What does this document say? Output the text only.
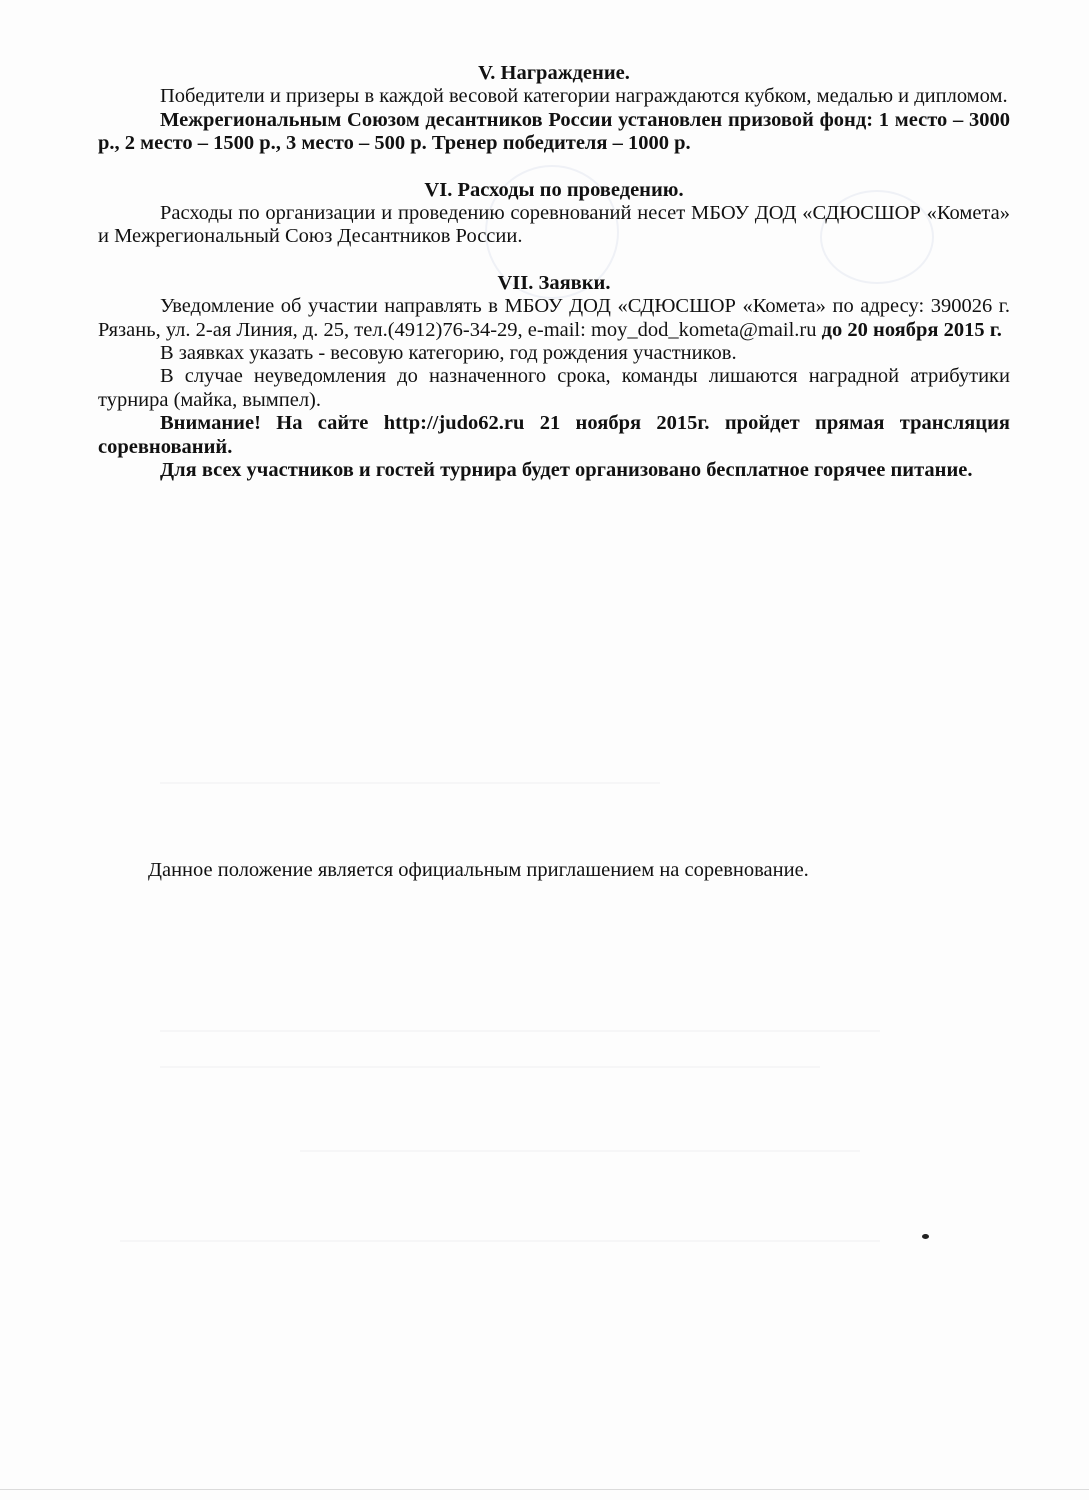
V. Награждение.

Победители и призеры в каждой весовой категории награждаются кубком, медалью и дипломом.

Межрегиональным Союзом десантников России установлен призовой фонд: 1 место – 3000 р., 2 место – 1500 р., 3 место – 500 р. Тренер победителя – 1000 р.

VI. Расходы по проведению.

Расходы по организации и проведению соревнований несет МБОУ ДОД «СДЮСШОР «Комета» и Межрегиональный Союз Десантников России.

VII. Заявки.

Уведомление об участии направлять в МБОУ ДОД «СДЮСШОР «Комета» по адресу: 390026 г. Рязань, ул. 2-ая Линия, д. 25, тел.(4912)76-34-29, e-mail: moy_dod_kometa@mail.ru до 20 ноября 2015 г.

В заявках указать - весовую категорию, год рождения участников.

В случае неуведомления до назначенного срока, команды лишаются наградной атрибутики турнира (майка, вымпел).

Внимание! На сайте http://judo62.ru 21 ноября 2015г. пройдет прямая трансляция соревнований.

Для всех участников и гостей турнира будет организовано бесплатное горячее питание.

Данное положение является официальным приглашением на соревнование.
